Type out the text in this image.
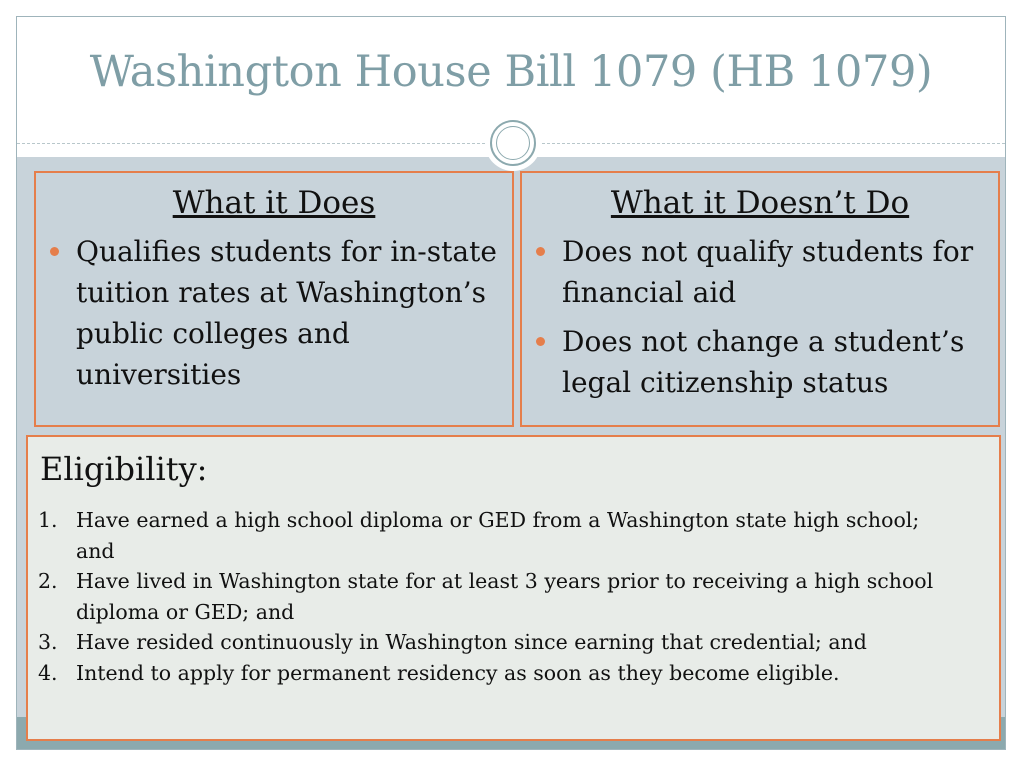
Washington House Bill 1079 (HB 1079)
What it Does
Qualifies students for in-state tuition rates at Washington’s public colleges and universities
What it Doesn’t Do
Does not qualify students for financial aid
Does not change a student’s legal citizenship status
Eligibility:
1. Have earned a high school diploma or GED from a Washington state high school; and
2. Have lived in Washington state for at least 3 years prior to receiving a high school diploma or GED; and
3. Have resided continuously in Washington since earning that credential; and
4. Intend to apply for permanent residency as soon as they become eligible.
